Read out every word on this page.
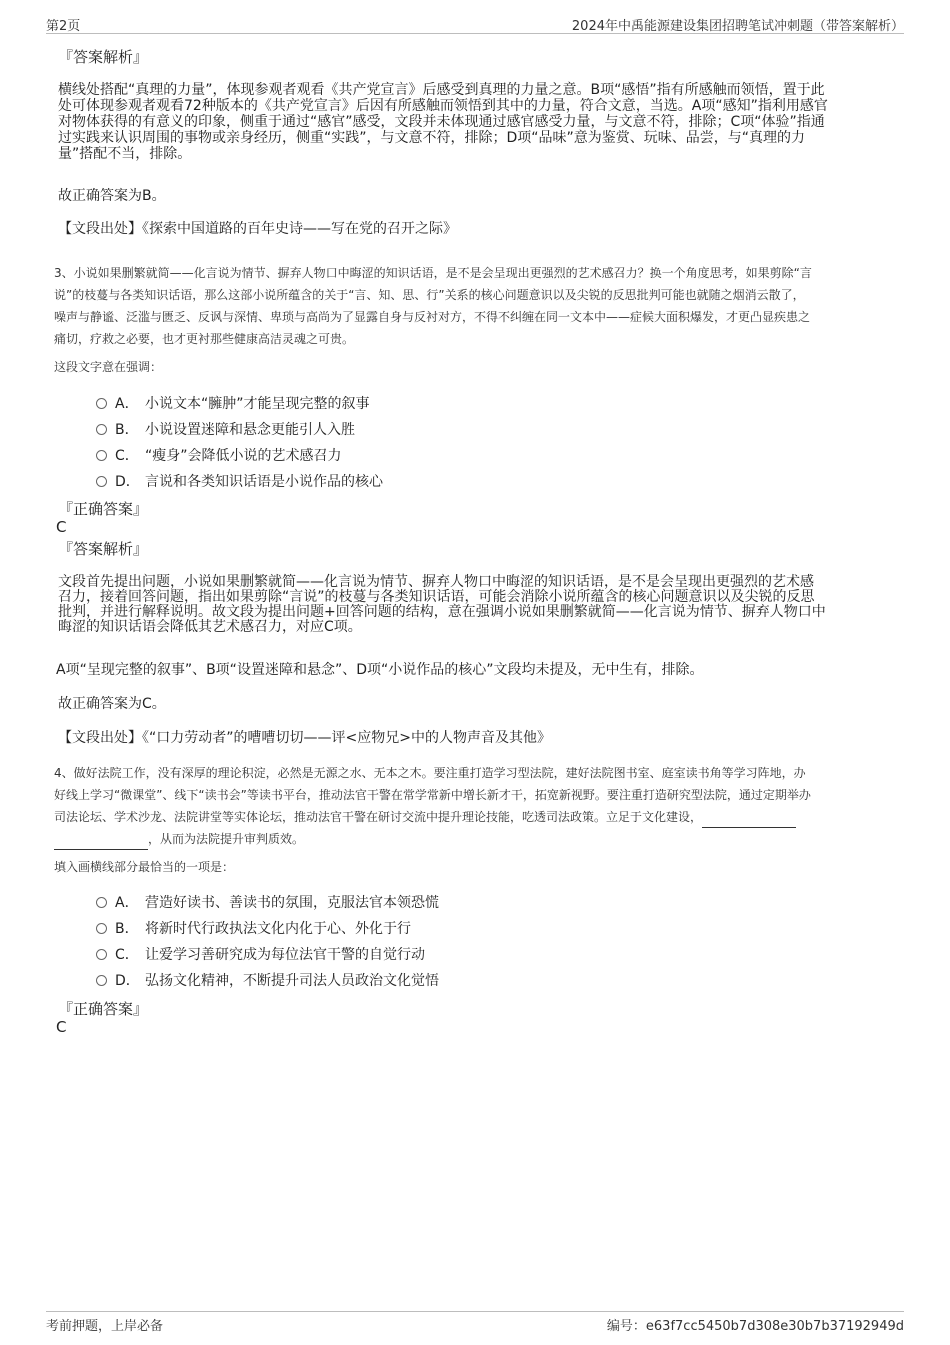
第2页	2024年中禹能源建设集团招聘笔试冲刺题（带答案解析）
『答案解析』
横线处搭配“真理的力量”，体现参观者观看《共产党宣言》后感受到真理的力量之意。B项“感悟”指有所感触而领悟，置于此
处可体现参观者观看72种版本的《共产党宣言》后因有所感触而领悟到其中的力量，符合文意，当选。A项“感知”指利用感官
对物体获得的有意义的印象，侧重于通过“感官”感受，文段并未体现通过感官感受力量，与文意不符，排除；C项“体验”指通
过实践来认识周围的事物或亲身经历，侧重“实践”，与文意不符，排除；D项“品味”意为鉴赏、玩味、品尝，与“真理的力
量”搭配不当，排除。
故正确答案为B。
【文段出处】《探索中国道路的百年史诗——写在党的召开之际》
3、小说如果删繁就简——化言说为情节、摒弃人物口中晦涩的知识话语，是不是会呈现出更强烈的艺术感召力？换一个角度思考，如果剪除“言
说”的枝蔓与各类知识话语，那么这部小说所蕴含的关于“言、知、思、行”关系的核心问题意识以及尖锐的反思批判可能也就随之烟消云散了，
噪声与静谧、泛滥与匮乏、反讽与深情、卑琐与高尚为了显露自身与反衬对方，不得不纠缠在同一文本中——症候大面积爆发，才更凸显疾患之
痛切，疗救之必要，也才更衬那些健康高洁灵魂之可贵。
这段文字意在强调：
A． 小说文本“臃肿”才能呈现完整的叙事
B． 小说设置迷障和悬念更能引人入胜
C． “瘦身”会降低小说的艺术感召力
D． 言说和各类知识话语是小说作品的核心
『正确答案』
C
『答案解析』
文段首先提出问题，小说如果删繁就简——化言说为情节、摒弃人物口中晦涩的知识话语，是不是会呈现出更强烈的艺术感
召力，接着回答问题，指出如果剪除“言说”的枝蔓与各类知识话语，可能会消除小说所蕴含的核心问题意识以及尖锐的反思
批判，并进行解释说明。故文段为提出问题+回答问题的结构，意在强调小说如果删繁就简——化言说为情节、摒弃人物口中
晦涩的知识话语会降低其艺术感召力，对应C项。
A项“呈现完整的叙事”、B项“设置迷障和悬念”、D项“小说作品的核心”文段均未提及，无中生有，排除。
故正确答案为C。
【文段出处】《“口力劳动者”的嘈嘈切切——评<应物兄>中的人物声音及其他》
4、做好法院工作，没有深厚的理论积淀，必然是无源之水、无本之木。要注重打造学习型法院，建好法院图书室、庭室读书角等学习阵地，办
好线上学习“微课堂”、线下“读书会”等读书平台，推动法官干警在常学常新中增长新才干，拓宽新视野。要注重打造研究型法院，通过定期举办
司法论坛、学术沙龙、法院讲堂等实体论坛，推动法官干警在研讨交流中提升理论技能，吃透司法政策。立足于文化建设，
，从而为法院提升审判质效。
填入画横线部分最恰当的一项是：
A． 营造好读书、善读书的氛围，克服法官本领恐慌
B． 将新时代行政执法文化内化于心、外化于行
C． 让爱学习善研究成为每位法官干警的自觉行动
D． 弘扬文化精神，不断提升司法人员政治文化觉悟
『正确答案』
C
考前押题，上岸必备	编号：e63f7cc5450b7d308e30b7b37192949d
